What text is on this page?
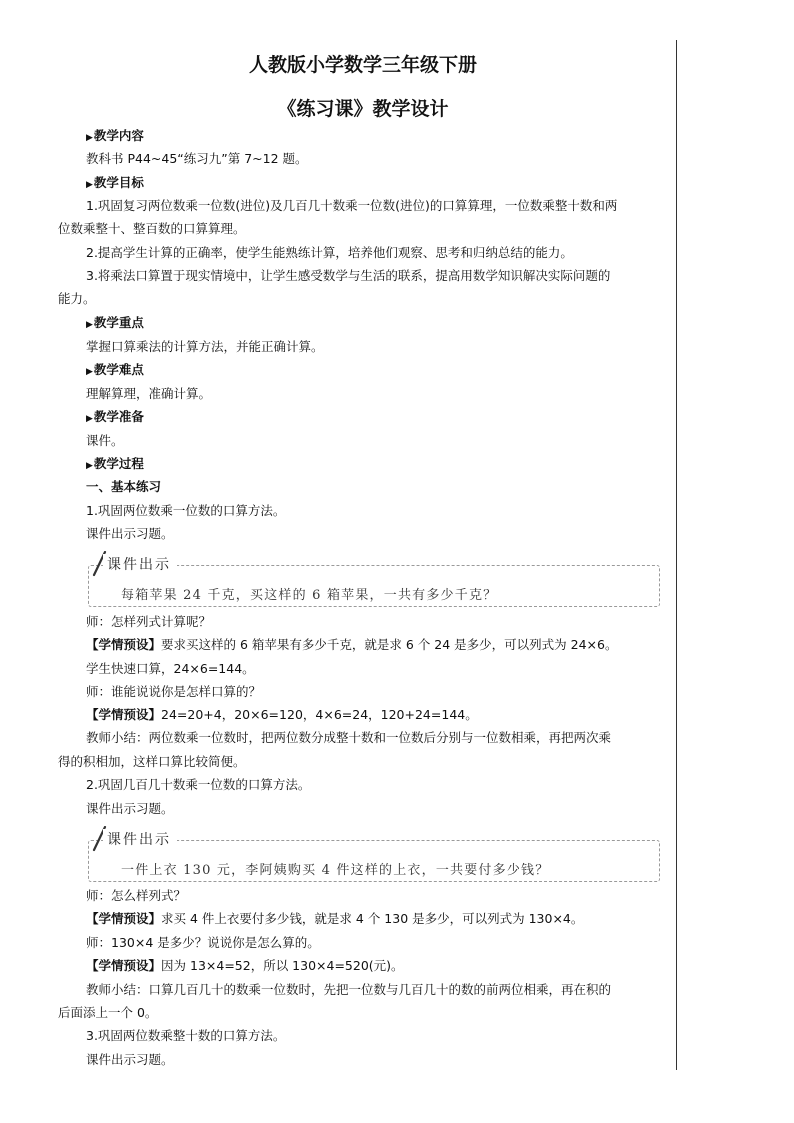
人教版小学数学三年级下册
《练习课》教学设计
▶教学内容
教科书 P44~45“练习九”第 7~12 题。
▶教学目标
1.巩固复习两位数乘一位数(进位)及几百几十数乘一位数(进位)的口算算理，一位数乘整十数和两
位数乘整十、整百数的口算算理。
2.提高学生计算的正确率，使学生能熟练计算，培养他们观察、思考和归纳总结的能力。
3.将乘法口算置于现实情境中，让学生感受数学与生活的联系，提高用数学知识解决实际问题的
能力。
▶教学重点
掌握口算乘法的计算方法，并能正确计算。
▶教学难点
理解算理，准确计算。
▶教学准备
课件。
▶教学过程
一、基本练习
1.巩固两位数乘一位数的口算方法。
课件出示习题。
课件出示
每箱苹果 24 千克，买这样的 6 箱苹果，一共有多少千克？
师：怎样列式计算呢？
【学情预设】要求买这样的 6 箱苹果有多少千克，就是求 6 个 24 是多少，可以列式为 24×6。
学生快速口算，24×6=144。
师：谁能说说你是怎样口算的？
【学情预设】24=20+4，20×6=120，4×6=24，120+24=144。
教师小结：两位数乘一位数时，把两位数分成整十数和一位数后分别与一位数相乘，再把两次乘
得的积相加，这样口算比较简便。
2.巩固几百几十数乘一位数的口算方法。
课件出示习题。
课件出示
一件上衣 130 元，李阿姨购买 4 件这样的上衣，一共要付多少钱？
师：怎么样列式？
【学情预设】求买 4 件上衣要付多少钱，就是求 4 个 130 是多少，可以列式为 130×4。
师：130×4 是多少？说说你是怎么算的。
【学情预设】因为 13×4=52，所以 130×4=520(元)。
教师小结：口算几百几十的数乘一位数时，先把一位数与几百几十的数的前两位相乘，再在积的
后面添上一个 0。
3.巩固两位数乘整十数的口算方法。
课件出示习题。
